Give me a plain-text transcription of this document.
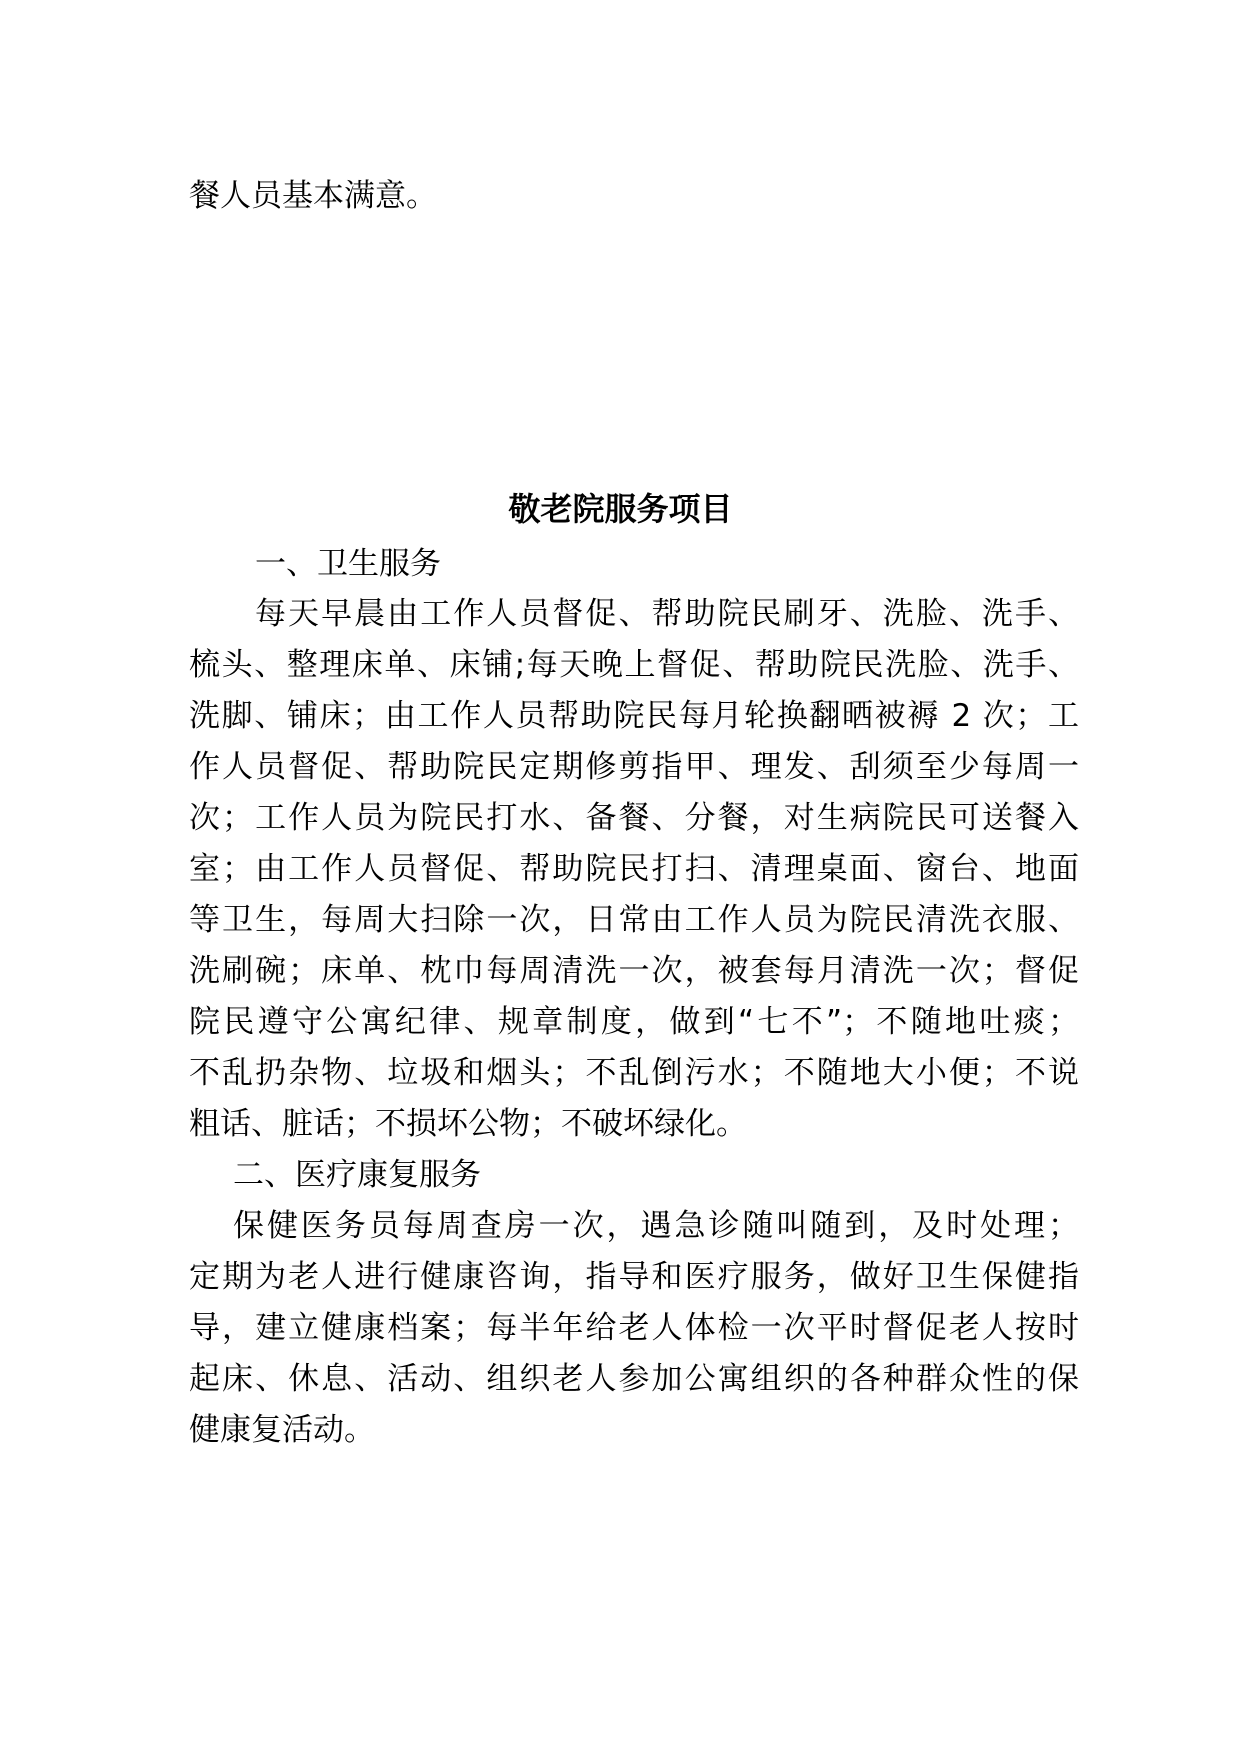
餐人员基本满意。
敬老院服务项目
一、卫生服务
每天早晨由工作人员督促、帮助院民刷牙、洗脸、洗手、
梳头、整理床单、床铺;每天晚上督促、帮助院民洗脸、洗手、
洗脚、铺床；由工作人员帮助院民每月轮换翻晒被褥 2 次；工
作人员督促、帮助院民定期修剪指甲、理发、刮须至少每周一
次；工作人员为院民打水、备餐、分餐，对生病院民可送餐入
室；由工作人员督促、帮助院民打扫、清理桌面、窗台、地面
等卫生，每周大扫除一次，日常由工作人员为院民清洗衣服、
洗刷碗；床单、枕巾每周清洗一次，被套每月清洗一次；督促
院民遵守公寓纪律、规章制度，做到“七不”；不随地吐痰；
不乱扔杂物、垃圾和烟头；不乱倒污水；不随地大小便；不说
粗话、脏话；不损坏公物；不破坏绿化。
二、医疗康复服务
保健医务员每周查房一次，遇急诊随叫随到，及时处理；
定期为老人进行健康咨询，指导和医疗服务，做好卫生保健指
导，建立健康档案；每半年给老人体检一次平时督促老人按时
起床、休息、活动、组织老人参加公寓组织的各种群众性的保
健康复活动。
